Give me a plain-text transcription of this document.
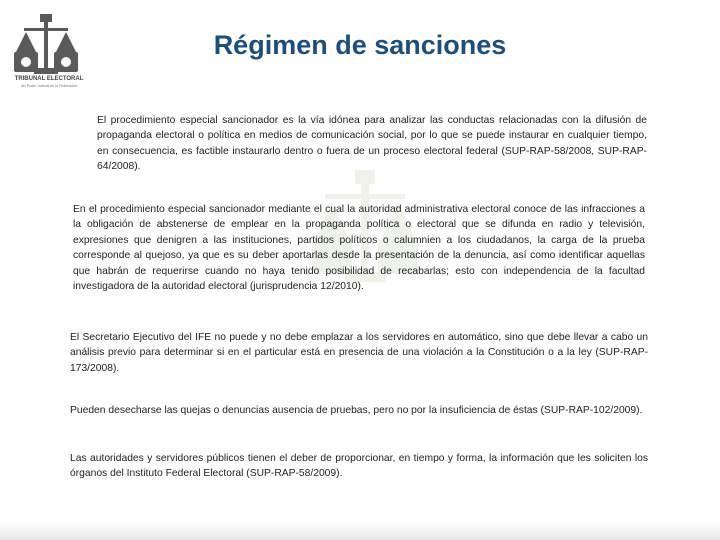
TRIBUNAL ELECTORAL
del Poder Judicial de la Federación
Régimen de sanciones
El procedimiento especial sancionador es la vía idónea para analizar las conductas relacionadas con la difusión de propaganda electoral o política en medios de comunicación social, por lo que se puede instaurar en cualquier tiempo, en consecuencia, es factible instaurarlo dentro o fuera de un proceso electoral federal (SUP-RAP-58/2008, SUP-RAP-64/2008).
En el procedimiento especial sancionador mediante el cual la autoridad administrativa electoral conoce de las infracciones a la obligación de abstenerse de emplear en la propaganda política o electoral que se difunda en radio y televisión, expresiones que denigren a las instituciones, partidos políticos o calumnien a los ciudadanos, la carga de la prueba corresponde al quejoso, ya que es su deber aportarlas desde la presentación de la denuncia, así como identificar aquellas que habrán de requerirse cuando no haya tenido posibilidad de recabarlas; esto con independencia de la facultad investigadora de la autoridad electoral (jurisprudencia 12/2010).
El Secretario Ejecutivo del IFE no puede y no debe emplazar a los servidores en automático, sino que debe llevar a cabo un análisis previo para determinar si en el particular está en presencia de una violación a la Constitución o a la ley (SUP-RAP-173/2008).
Pueden desecharse las quejas o denuncias ausencia de pruebas, pero no por la insuficiencia de éstas (SUP-RAP-102/2009).
Las autoridades y servidores públicos tienen el deber de proporcionar, en tiempo y forma, la información que les soliciten los órganos del Instituto Federal Electoral (SUP-RAP-58/2009).
